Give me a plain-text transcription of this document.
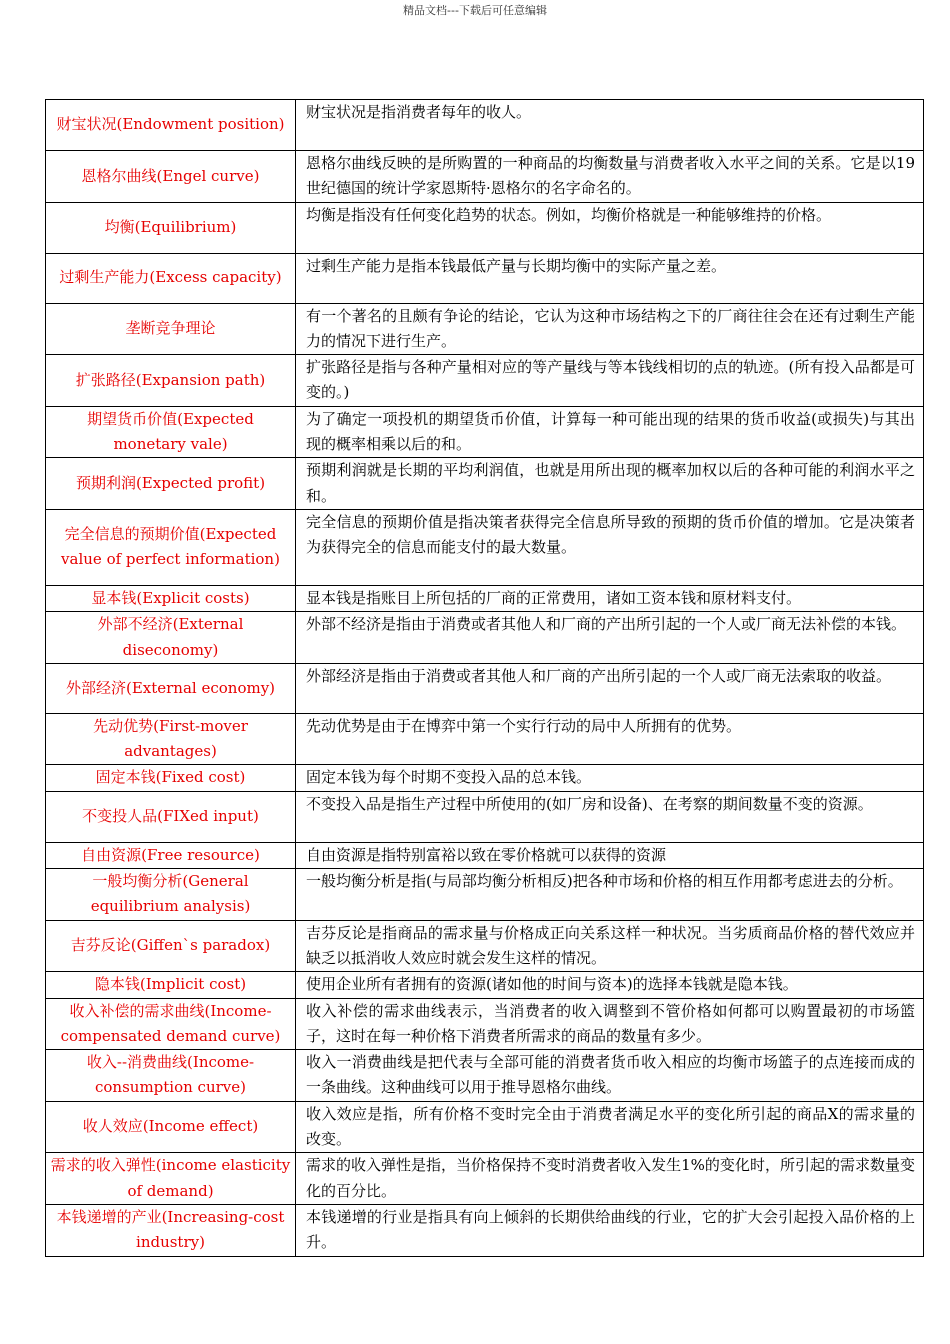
精品文档---下载后可任意编辑
财宝状况(Endowment position)	财宝状况是指消费者每年的收人。
恩格尔曲线(Engel curve)	恩格尔曲线反映的是所购置的一种商品的均衡数量与消费者收入水平之间的关系。它是以19世纪德国的统计学家恩斯特·恩格尔的名字命名的。
均衡(Equilibrium)	均衡是指没有任何变化趋势的状态。例如，均衡价格就是一种能够维持的价格。
过剩生产能力(Excess capacity)	过剩生产能力是指本钱最低产量与长期均衡中的实际产量之差。
垄断竞争理论	有一个著名的且颇有争论的结论，它认为这种市场结构之下的厂商往往会在还有过剩生产能力的情况下进行生产。
扩张路径(Expansion path)	扩张路径是指与各种产量相对应的等产量线与等本钱线相切的点的轨迹。(所有投入品都是可变的。)
期望货币价值(Expected monetary vale)	为了确定一项投机的期望货币价值，计算每一种可能出现的结果的货币收益(或损失)与其出现的概率相乘以后的和。
预期利润(Expected profit)	预期利润就是长期的平均利润值，也就是用所出现的概率加权以后的各种可能的利润水平之和。
完全信息的预期价值(Expected value of perfect information)	完全信息的预期价值是指决策者获得完全信息所导致的预期的货币价值的增加。它是决策者为获得完全的信息而能支付的最大数量。
显本钱(Explicit costs)	显本钱是指账目上所包括的厂商的正常费用，诸如工资本钱和原材料支付。
外部不经济(External diseconomy)	外部不经济是指由于消费或者其他人和厂商的产出所引起的一个人或厂商无法补偿的本钱。
外部经济(External economy)	外部经济是指由于消费或者其他人和厂商的产出所引起的一个人或厂商无法索取的收益。
先动优势(First-mover advantages)	先动优势是由于在博弈中第一个实行行动的局中人所拥有的优势。
固定本钱(Fixed cost)	固定本钱为每个时期不变投入品的总本钱。
不变投人品(FIXed input)	不变投入品是指生产过程中所使用的(如厂房和设备)、在考察的期间数量不变的资源。
自由资源(Free resource)	自由资源是指特别富裕以致在零价格就可以获得的资源
一般均衡分析(General equilibrium analysis)	一般均衡分析是指(与局部均衡分析相反)把各种市场和价格的相互作用都考虑进去的分析。
吉芬反论(Giffen`s paradox)	吉芬反论是指商品的需求量与价格成正向关系这样一种状况。当劣质商品价格的替代效应并缺乏以抵消收人效应时就会发生这样的情况。
隐本钱(Implicit cost)	使用企业所有者拥有的资源(诸如他的时间与资本)的选择本钱就是隐本钱。
收入补偿的需求曲线(Income-compensated demand curve)	收入补偿的需求曲线表示，当消费者的收入调整到不管价格如何都可以购置最初的市场篮子，这时在每一种价格下消费者所需求的商品的数量有多少。
收入--消费曲线(Income-consumption curve)	收入一消费曲线是把代表与全部可能的消费者货币收入相应的均衡市场篮子的点连接而成的一条曲线。这种曲线可以用于推导恩格尔曲线。
收人效应(Income effect)	收入效应是指，所有价格不变时完全由于消费者满足水平的变化所引起的商品X的需求量的改变。
需求的收入弹性(income elasticity of demand)	需求的收入弹性是指，当价格保持不变时消费者收入发生1%的变化时，所引起的需求数量变化的百分比。
本钱递增的产业(Increasing-cost industry)	本钱递增的行业是指具有向上倾斜的长期供给曲线的行业，它的扩大会引起投入品价格的上升。
